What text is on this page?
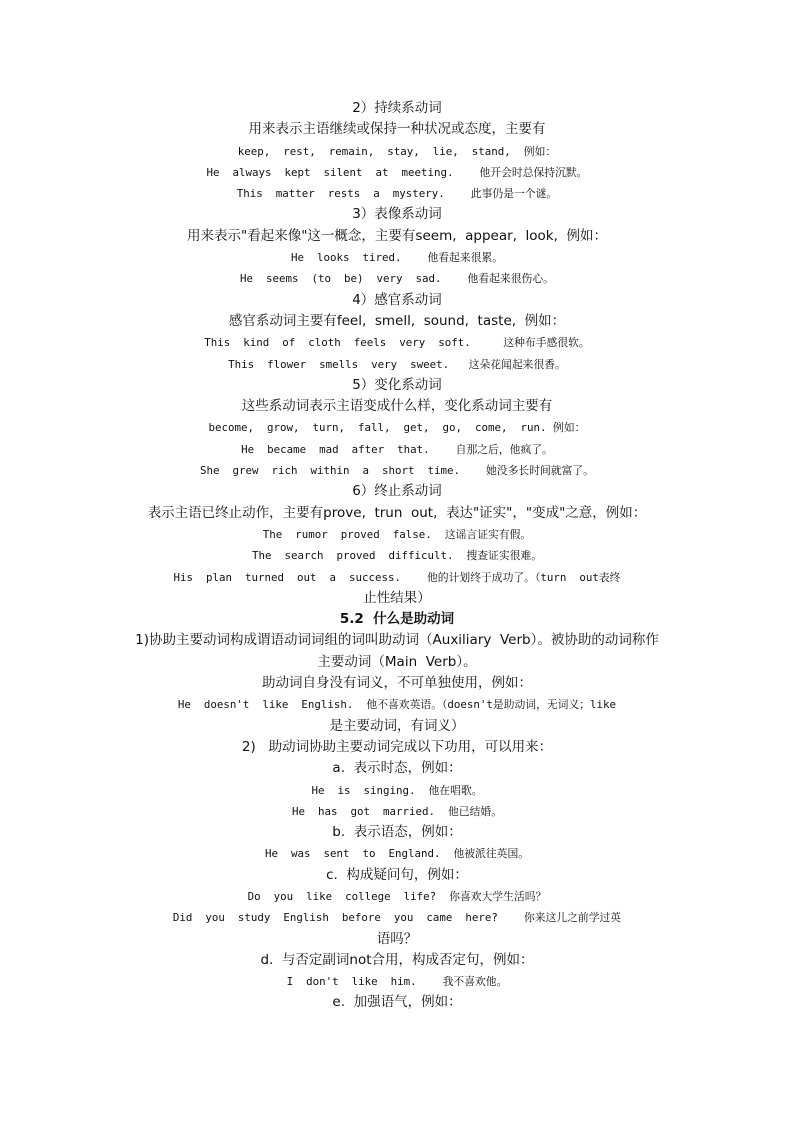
2）持续系动词
用来表示主语继续或保持一种状况或态度，主要有
keep,  rest,  remain,  stay,  lie,  stand,  例如：
He  always  kept  silent  at  meeting.    他开会时总保持沉默。
This  matter  rests  a  mystery.    此事仍是一个谜。
3）表像系动词
用来表示"看起来像"这一概念，主要有seem,  appear,  look,  例如：
He  looks  tired.    他看起来很累。
He  seems  (to  be)  very  sad.    他看起来很伤心。
4）感官系动词
感官系动词主要有feel,  smell,  sound,  taste,  例如：
This  kind  of  cloth  feels  very  soft.     这种布手感很软。
This  flower  smells  very  sweet.   这朵花闻起来很香。
5）变化系动词
这些系动词表示主语变成什么样，变化系动词主要有
become,  grow,  turn,  fall,  get,  go,  come,  run. 例如：
He  became  mad  after  that.    自那之后，他疯了。
She  grew  rich  within  a  short  time.    她没多长时间就富了。
6）终止系动词
表示主语已终止动作，主要有prove,  trun  out,  表达"证实"，"变成"之意，例如：
The  rumor  proved  false.  这谣言证实有假。
The  search  proved  difficult.  搜查证实很难。
His  plan  turned  out  a  success.    他的计划终于成功了。（turn  out表终
止性结果）
5.2  什么是助动词
1)协助主要动词构成谓语动词词组的词叫助动词（Auxiliary  Verb）。被协助的动词称作
主要动词（Main  Verb）。
助动词自身没有词义，不可单独使用，例如：
He  doesn't  like  English.  他不喜欢英语。（doesn't是助动词，无词义；like
是主要动词，有词义）
2)   助动词协助主要动词完成以下功用，可以用来：
a.  表示时态，例如：
He  is  singing.  他在唱歌。
He  has  got  married.  他已结婚。
b.  表示语态，例如：
He  was  sent  to  England.  他被派往英国。
c.  构成疑问句，例如：
Do  you  like  college  life?  你喜欢大学生活吗？
Did  you  study  English  before  you  came  here?    你来这儿之前学过英
语吗？
d.  与否定副词not合用，构成否定句，例如：
I  don't  like  him.    我不喜欢他。
e.  加强语气，例如：
